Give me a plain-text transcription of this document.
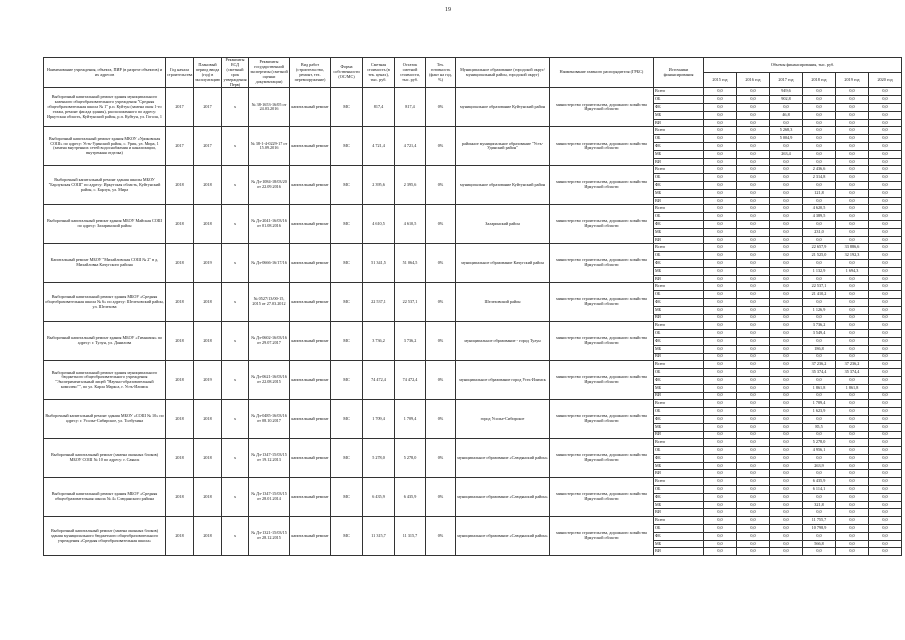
19
Наименование учреждения, объекта, ПИР (в разрезе объектов) и их адресов	Год начала строительства	Плановый период ввода (год) в эксплуатацию	Реквизиты ЕСД (сметный срок утверждения Перв)	Реквизиты государственной экспертизы (сметной оценки документации)	Вид работ (строительство, ремонт, тех. перевооружение)	Форма собственности (ОС/МС)	Сметная стоимость (в тек. ценах), тыс. руб.	Остаток сметной стоимости, тыс. руб.	Тех. готовность (факт на год, %)	Муниципальное образование (городской округ/муниципальный район, городской округ)	Наименование главного распорядителя (ГРБС)	Источники финансирования	Объемы финансирования, тыс. руб.					
													2015 год	2016 год	2017 год	2018 год	2019 год	2020 год
Выборочный капитальный ремонт здания муниципального казенного общеобразовательного учреждения "Средняя общеобразовательная школа № 1" р.п. Куйтун (замена окон 1-го этажа, ремонт фасада здания), расположенного по адресу: Иркутская область, Куйтунский район, р.п. Куйтун, ул. Гоголя, 1	2017	2017	х	№ 38-1653-16/05 от 24.03.2016	капитальный ремонт	МС	817,4	817,4	0%	муниципальное образование Куйтунский район	министерство строительства, дорожного хозяйства Иркутской области	Всего	0,0	0,0	949,6	0,0	0,0	0,0
												ОБ	0,0	0,0	902,8	0,0	0,0	0,0
												ФБ	0,0	0,0	0,0	0,0	0,0	0,0
												МБ	0,0	0,0	46,8	0,0	0,0	0,0
												ВИ	0,0	0,0	0,0	0,0	0,0	0,0
Выборочный капитальный ремонт здания МКОУ «Уриковская СОШ» по адресу: Усть-Удинский район, с. Урик, ул. Мира, 1 (замена внутренних сетей водоснабжения и канализации, внутренняя отделка)	2017	2017	х	№ 38-1-4-0229-17 от 15.09.2016	капитальный ремонт	МС	4 721,4	4 721,4	0%	районное муниципальное образование "Усть-Удинский район"	министерство строительства, дорожного хозяйства Иркутской области	Всего	0,0	0,0	5 268,3	0,0	0,0	0,0
												ОБ	0,0	0,0	5 004,9	0,0	0,0	0,0
												ФБ	0,0	0,0	0,0	0,0	0,0	0,0
												МБ	0,0	0,0	263,4	0,0	0,0	0,0
												ВИ	0,0	0,0	0,0	0,0	0,0	0,0
Выборочный капитальный ремонт здания школы МБОУ "Барлукская СОШ" по адресу: Иркутская область, Куйтунский район, с. Барлук, ул. Мира	2018	2018	х	№ Дз-1084-18/03/20 от 22.09.2016	капитальный ремонт	МС	2 395,6	2 395,6	0%	муниципальное образование Куйтунский район	министерство строительства, дорожного хозяйства Иркутской области	Всего	0,0	0,0	0,0	2 436,6	0,0	0,0
												ОБ	0,0	0,0	0,0	2 314,8	0,0	0,0
												ФБ	0,0	0,0	0,0	0,0	0,0	0,0
												МБ	0,0	0,0	0,0	121,8	0,0	0,0
												ВИ	0,0	0,0	0,0	0,0	0,0	0,0
Выборочный капитальный ремонт здания МБОУ Майская СОШ по адресу: Заларинский район	2018	2018	х	№ Дз-2041-16/03/16 от 01.08.2016	капитальный ремонт	МС	4 610,5	4 610,5	0%	Заларинский район	министерство строительства, дорожного хозяйства Иркутской области	Всего	0,0	0,0	0,0	4 620,5	0,0	0,0
												ОБ	0,0	0,0	0,0	4 389,5	0,0	0,0
												ФБ	0,0	0,0	0,0	0,0	0,0	0,0
												МБ	0,0	0,0	0,0	231,0	0,0	0,0
												ВИ	0,0	0,0	0,0	0,0	0,0	0,0
Капитальный ремонт МБОУ "Михайловская СОШ № 2" в д. Михайловка Качугского района	2018	2019	х	№ Дз-0666-16/17/16	капитальный ремонт	МС	51 341,5	51 064,5	0%	муниципальное образование Качугский район	министерство строительства, дорожного хозяйства Иркутской области	Всего	0,0	0,0	0,0	22 657,9	33 886,6	0,0
												ОБ	0,0	0,0	0,0	21 525,0	32 192,3	0,0
												ФБ	0,0	0,0	0,0	0,0	0,0	0,0
												МБ	0,0	0,0	0,0	1 132,9	1 694,3	0,0
												ВИ	0,0	0,0	0,0	0,0	0,0	0,0
Выборочный капитальный ремонт здания МБОУ «Средняя общеобразовательная школа № 6» по адресу: Шелеховский район, ул. Шелехова	2018	2018	х	№ 0527/13/00-15, 2015 от 27.03.2012	капитальный ремонт	МС	22 537,1	22 537,1	0%	Шелеховский район	министерство строительства, дорожного хозяйства Иркутской области	Всего	0,0	0,0	0,0	22 537,1	0,0	0,0
												ОБ	0,0	0,0	0,0	21 410,2	0,0	0,0
												ФБ	0,0	0,0	0,0	0,0	0,0	0,0
												МБ	0,0	0,0	0,0	1 126,9	0,0	0,0
												ВИ	0,0	0,0	0,0	0,0	0,0	0,0
Выборочный капитальный ремонт здания МБОУ «Гимназия» по адресу: г. Тулун, ул. Данилова	2018	2018	х	№ Дз-0602-16/03/16 от 29.07.2017	капитальный ремонт	МС	3 736,2	3 736,2	0%	муниципальное образование - город Тулун	министерство строительства, дорожного хозяйства Иркутской области	Всего	0,0	0,0	0,0	3 736,2	0,0	0,0
												ОБ	0,0	0,0	0,0	3 549,4	0,0	0,0
												ФБ	0,0	0,0	0,0	0,0	0,0	0,0
												МБ	0,0	0,0	0,0	186,8	0,0	0,0
												ВИ	0,0	0,0	0,0	0,0	0,0	0,0
Выборочный капитальный ремонт здания муниципального бюджетного общеобразовательного учреждения "Экспериментальный лицей "Научно-образовательный комплекс"", по ул. Карла Маркса, г. Усть-Илимск	2018	2019	х	№ Дз-0621-16/03/16 от 22.08.2015	капитальный ремонт	МС	74 472,4	74 472,4	0%	муниципальное образование город Усть-Илимск	министерство строительства, дорожного хозяйства Иркутской области	Всего	0,0	0,0	0,0	37 236,2	37 236,2	0,0
												ОБ	0,0	0,0	0,0	35 374,4	35 374,4	0,0
												ФБ	0,0	0,0	0,0	0,0	0,0	0,0
												МБ	0,0	0,0	0,0	1 861,8	1 861,8	0,0
												ВИ	0,0	0,0	0,0	0,0	0,0	0,0
Выборочный капитальный ремонт здания МБОУ «СОШ № 10» по адресу: г. Усолье-Сибирское, ул. Толбухина	2018	2018	х	№ Дз-0485-16/03/16 от 08.10.2017	капитальный ремонт	МС	1 709,4	1 709,4	0%	город Усолье-Сибирское	министерство строительства, дорожного хозяйства Иркутской области	Всего	0,0	0,0	0,0	1 709,4	0,0	0,0
												ОБ	0,0	0,0	0,0	1 623,9	0,0	0,0
												ФБ	0,0	0,0	0,0	0,0	0,0	0,0
												МБ	0,0	0,0	0,0	85,5	0,0	0,0
												ВИ	0,0	0,0	0,0	0,0	0,0	0,0
Выборочный капитальный ремонт (замена оконных блоков) МБОУ СОШ № 10 по адресу: г. Саянск	2018	2018	х	№ Дз-1347-15/03/15 от 19.12.2013	капитальный ремонт	МС	5 278,0	5 278,0	0%	муниципальное образование «Слюдянский район»	министерство строительства, дорожного хозяйства Иркутской области	Всего	0,0	0,0	0,0	5 278,0	0,0	0,0
												ОБ	0,0	0,0	0,0	4 956,1	0,0	0,0
												ФБ	0,0	0,0	0,0	0,0	0,0	0,0
												МБ	0,0	0,0	0,0	263,9	0,0	0,0
												ВИ	0,0	0,0	0,0	0,0	0,0	0,0
Выборочный капитальный ремонт здания МБОУ «Средняя общеобразовательная школа № 4» Слюдянского района	2018	2018	х	№ Дз-1347-15/03/15 от 28.01.2014	капитальный ремонт	МС	6 435,9	6 435,9	0%	муниципальное образование «Слюдянский район»	министерство строительства, дорожного хозяйства Иркутской области	Всего	0,0	0,0	0,0	6 435,9	0,0	0,0
												ОБ	0,0	0,0	0,0	6 114,1	0,0	0,0
												ФБ	0,0	0,0	0,0	0,0	0,0	0,0
												МБ	0,0	0,0	0,0	321,8	0,0	0,0
												ВИ	0,0	0,0	0,0	0,0	0,0	0,0
Выборочный капитальный ремонт (замена оконных блоков) здания муниципального бюджетного общеобразовательного учреждения «Средняя общеобразовательная школа»	2018	2018	х	№ Дз-1321-15/03/15 от 28.12.2015	капитальный ремонт	МС	11 315,7	11 315,7	0%	муниципальное образование «Слюдянский район»	министерство строительства, дорожного хозяйства Иркутской области	Всего	0,0	0,0	0,0	11 755,7	0,0	0,0
												ОБ	0,0	0,0	0,0	10 798,9	0,0	0,0
												ФБ	0,0	0,0	0,0	0,0	0,0	0,0
												МБ	0,0	0,0	0,0	566,8	0,0	0,0
												ВИ	0,0	0,0	0,0	0,0	0,0	0,0
